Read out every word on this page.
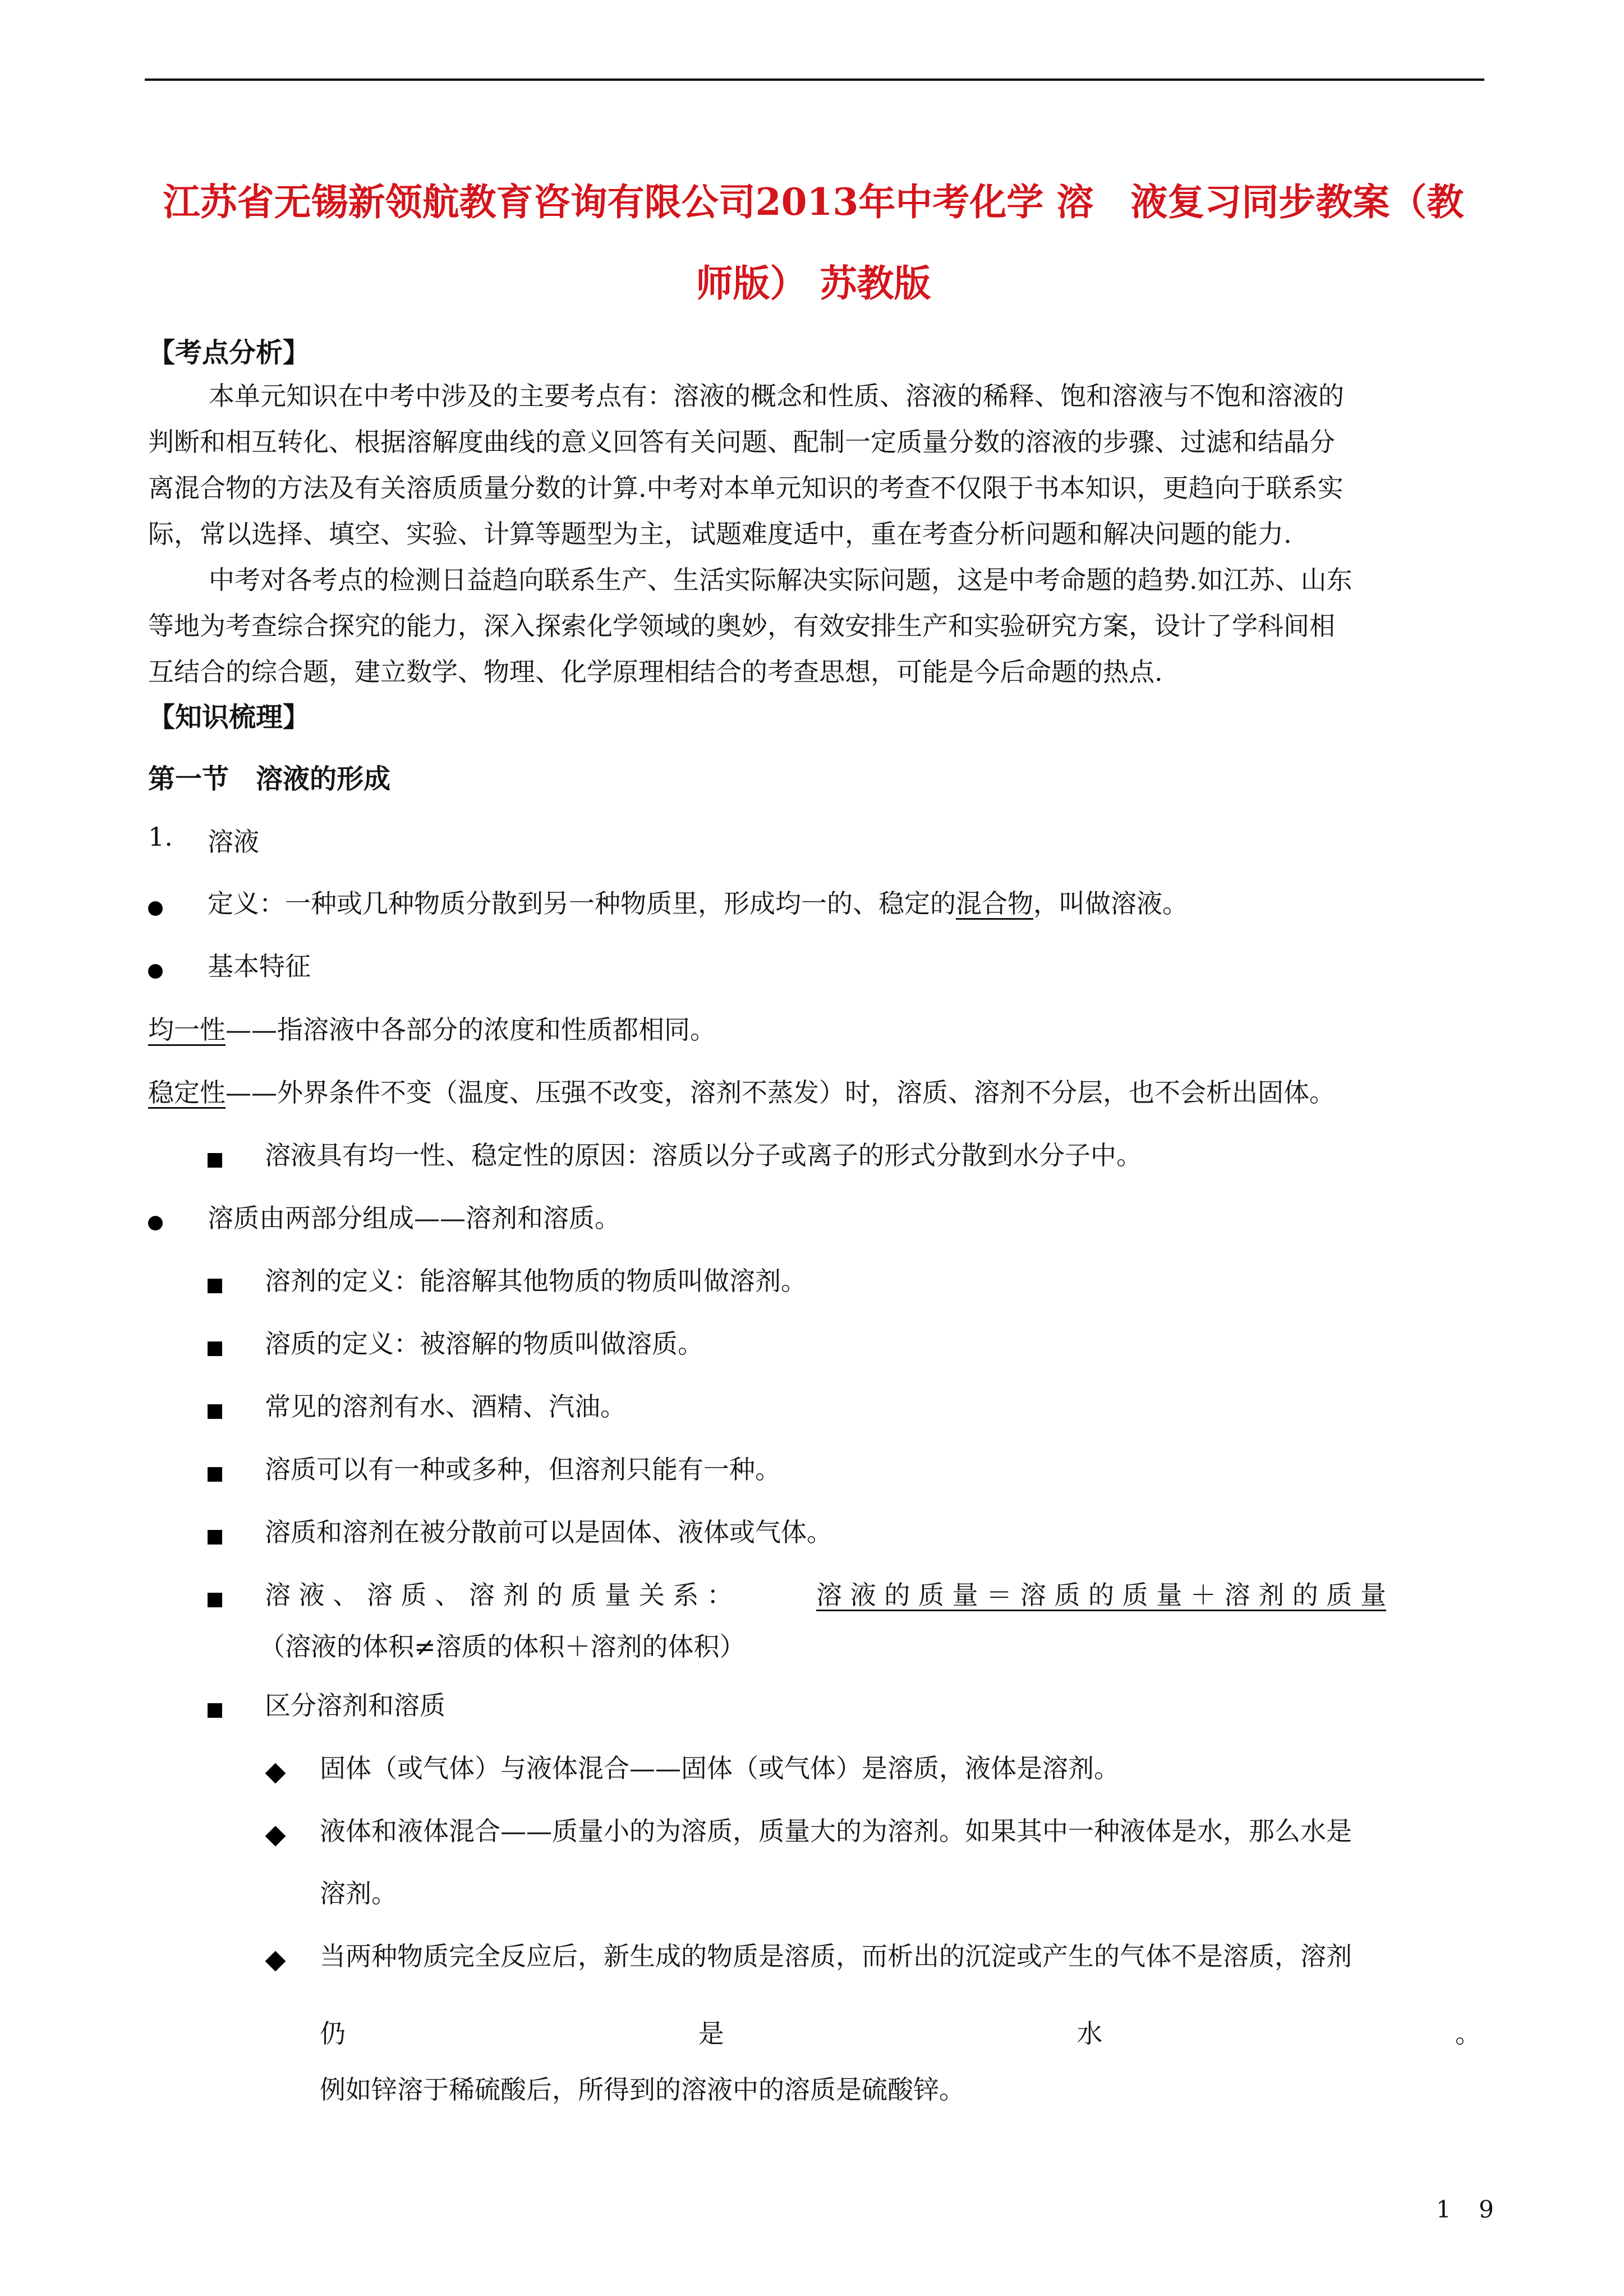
江苏省无锡新领航教育咨询有限公司2013年中考化学 溶　液复习同步教案（教
师版） 苏教版
【考点分析】
本单元知识在中考中涉及的主要考点有：溶液的概念和性质、溶液的稀释、饱和溶液与不饱和溶液的
判断和相互转化、根据溶解度曲线的意义回答有关问题、配制一定质量分数的溶液的步骤、过滤和结晶分
离混合物的方法及有关溶质质量分数的计算.中考对本单元知识的考查不仅限于书本知识，更趋向于联系实
际，常以选择、填空、实验、计算等题型为主，试题难度适中，重在考查分析问题和解决问题的能力.
中考对各考点的检测日益趋向联系生产、生活实际解决实际问题，这是中考命题的趋势.如江苏、山东
等地为考查综合探究的能力，深入探索化学领域的奥妙，有效安排生产和实验研究方案，设计了学科间相
互结合的综合题，建立数学、物理、化学原理相结合的考查思想，可能是今后命题的热点.
【知识梳理】
第一节　溶液的形成
1. 溶液
定义：一种或几种物质分散到另一种物质里，形成均一的、稳定的混合物，叫做溶液。
基本特征
均一性——指溶液中各部分的浓度和性质都相同。
稳定性——外界条件不变（温度、压强不改变，溶剂不蒸发）时，溶质、溶剂不分层，也不会析出固体。
溶液具有均一性、稳定性的原因：溶质以分子或离子的形式分散到水分子中。
溶质由两部分组成——溶剂和溶质。
溶剂的定义：能溶解其他物质的物质叫做溶剂。
溶质的定义：被溶解的物质叫做溶质。
常见的溶剂有水、酒精、汽油。
溶质可以有一种或多种，但溶剂只能有一种。
溶质和溶剂在被分散前可以是固体、液体或气体。
溶 液 、 溶 质 、 溶 剂 的 质 量 关 系 ：	溶 液 的 质 量 ＝ 溶 质 的 质 量 ＋ 溶 剂 的 质 量
（溶液的体积≠溶质的体积＋溶剂的体积）
区分溶剂和溶质
固体（或气体）与液体混合——固体（或气体）是溶质，液体是溶剂。
液体和液体混合——质量小的为溶质，质量大的为溶剂。如果其中一种液体是水，那么水是
溶剂。
当两种物质完全反应后，新生成的物质是溶质，而析出的沉淀或产生的气体不是溶质，溶剂
仍	是	水	。
例如锌溶于稀硫酸后，所得到的溶液中的溶质是硫酸锌。
1 9
